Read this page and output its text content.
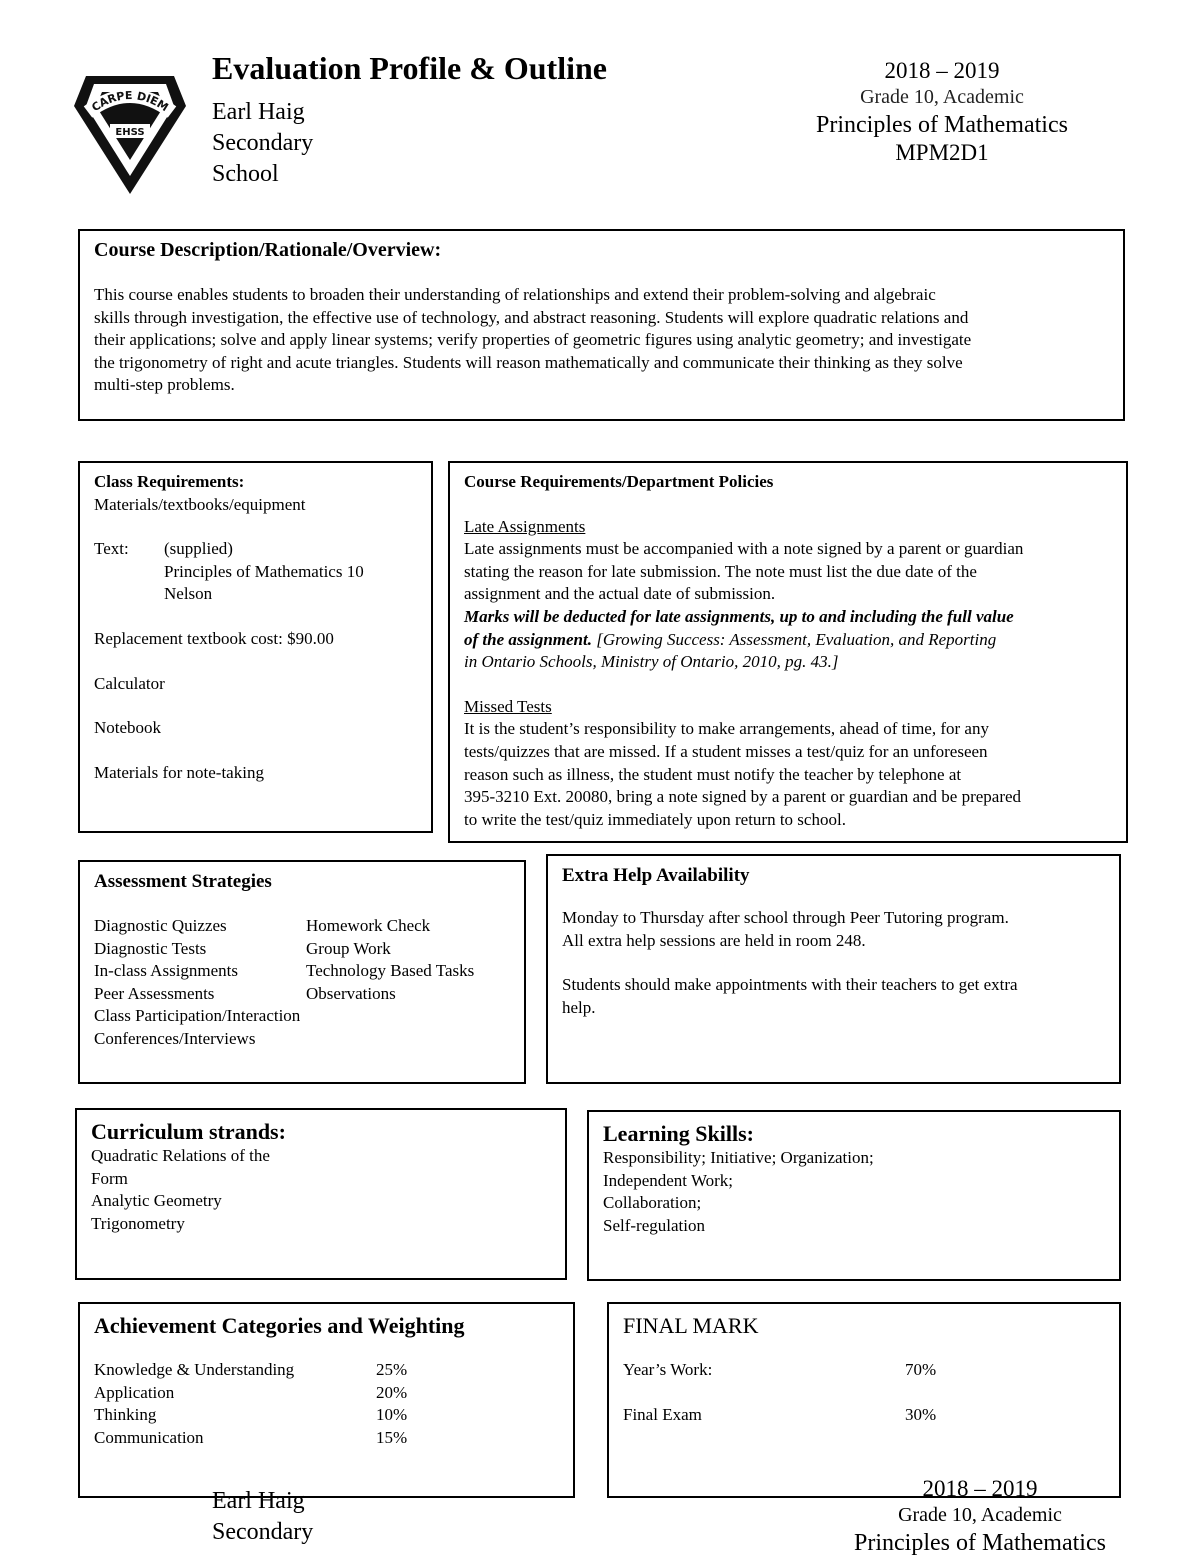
CARPE DIEM
EHSS
Evaluation Profile & Outline
Earl Haig
Secondary
School
2018 – 2019
Grade 10, Academic
Principles of Mathematics
MPM2D1
Course Description/Rationale/Overview:
This course enables students to broaden their understanding of relationships and extend their problem-solving and algebraic
skills through investigation, the effective use of technology, and abstract reasoning. Students will explore quadratic relations and
their applications; solve and apply linear systems; verify properties of geometric figures using analytic geometry; and investigate
the trigonometry of right and acute triangles. Students will reason mathematically and communicate their thinking as they solve
multi-step problems.
Class Requirements:
Materials/textbooks/equipment
Text:	(supplied)
Principles of Mathematics 10
Nelson
Replacement textbook cost: $90.00
Calculator
Notebook
Materials for note-taking
Course Requirements/Department Policies
Late Assignments
Late assignments must be accompanied with a note signed by a parent or guardian
stating the reason for late submission. The note must list the due date of the
assignment and the actual date of submission.
Marks will be deducted for late assignments, up to and including the full value
of the assignment. [Growing Success: Assessment, Evaluation, and Reporting
in Ontario Schools, Ministry of Ontario, 2010, pg. 43.]
Missed Tests
It is the student’s responsibility to make arrangements, ahead of time, for any
tests/quizzes that are missed. If a student misses a test/quiz for an unforeseen
reason such as illness, the student must notify the teacher by telephone at
395-3210 Ext. 20080, bring a note signed by a parent or guardian and be prepared
to write the test/quiz immediately upon return to school.
Assessment Strategies
Diagnostic Quizzes
Diagnostic Tests
In-class Assignments
Peer Assessments
Homework Check
Group Work
Technology Based Tasks
Observations
Class Participation/Interaction
Conferences/Interviews
Extra Help Availability
Monday to Thursday after school through Peer Tutoring program.
All extra help sessions are held in room 248.
Students should make appointments with their teachers to get extra
help.
Curriculum strands:
Quadratic Relations of the
Form
Analytic Geometry
Trigonometry
Learning Skills:
Responsibility; Initiative; Organization;
Independent Work;
Collaboration;
Self-regulation
Achievement Categories and Weighting
Knowledge & Understanding	25%
Application	20%
Thinking	10%
Communication	15%
FINAL MARK
Year’s Work:	70%
Final Exam	30%
Earl Haig
Secondary
2018 – 2019
Grade 10, Academic
Principles of Mathematics
